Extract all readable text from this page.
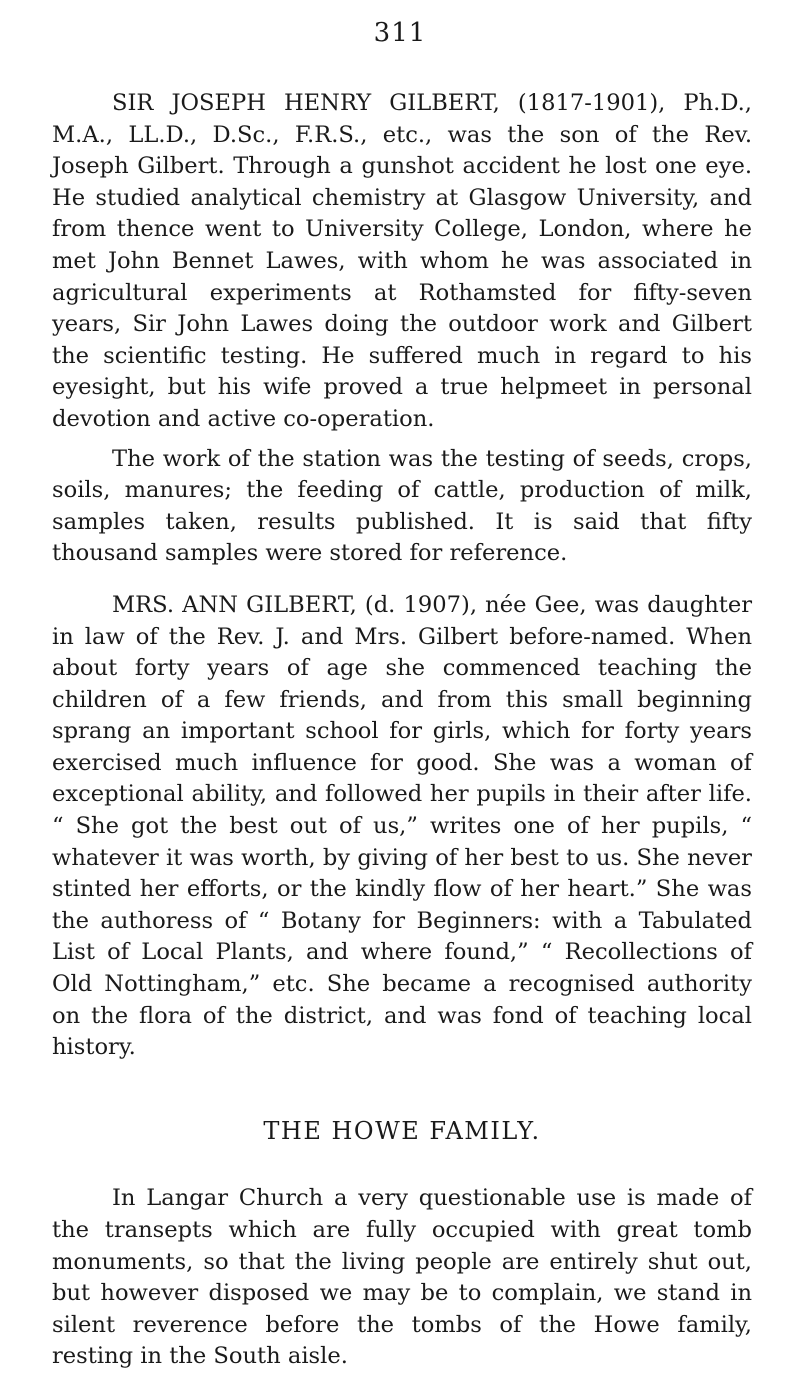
311

SIR JOSEPH HENRY GILBERT, (1817-1901), Ph.D., M.A., LL.D., D.Sc., F.R.S., etc., was the son of the Rev. Joseph Gilbert. Through a gunshot accident he lost one eye. He studied analytical chemistry at Glasgow University, and from thence went to University College, London, where he met John Bennet Lawes, with whom he was associated in agricultural experiments at Rothamsted for fifty-seven years, Sir John Lawes doing the outdoor work and Gilbert the scientific testing. He suffered much in regard to his eyesight, but his wife proved a true helpmeet in personal devotion and active co-operation.

The work of the station was the testing of seeds, crops, soils, manures; the feeding of cattle, production of milk, samples taken, results published. It is said that fifty thousand samples were stored for reference.

MRS. ANN GILBERT, (d. 1907), née Gee, was daughter in law of the Rev. J. and Mrs. Gilbert before-named. When about forty years of age she commenced teaching the children of a few friends, and from this small beginning sprang an important school for girls, which for forty years exercised much influence for good. She was a woman of exceptional ability, and followed her pupils in their after life. “ She got the best out of us,” writes one of her pupils, “ whatever it was worth, by giving of her best to us. She never stinted her efforts, or the kindly flow of her heart.” She was the authoress of “ Botany for Beginners: with a Tabulated List of Local Plants, and where found,” “ Recollections of Old Nottingham,” etc. She became a recognised authority on the flora of the district, and was fond of teaching local history.

THE HOWE FAMILY.

In Langar Church a very questionable use is made of the transepts which are fully occupied with great tomb monuments, so that the living people are entirely shut out, but however disposed we may be to complain, we stand in silent reverence before the tombs of the Howe family, resting in the South aisle.
